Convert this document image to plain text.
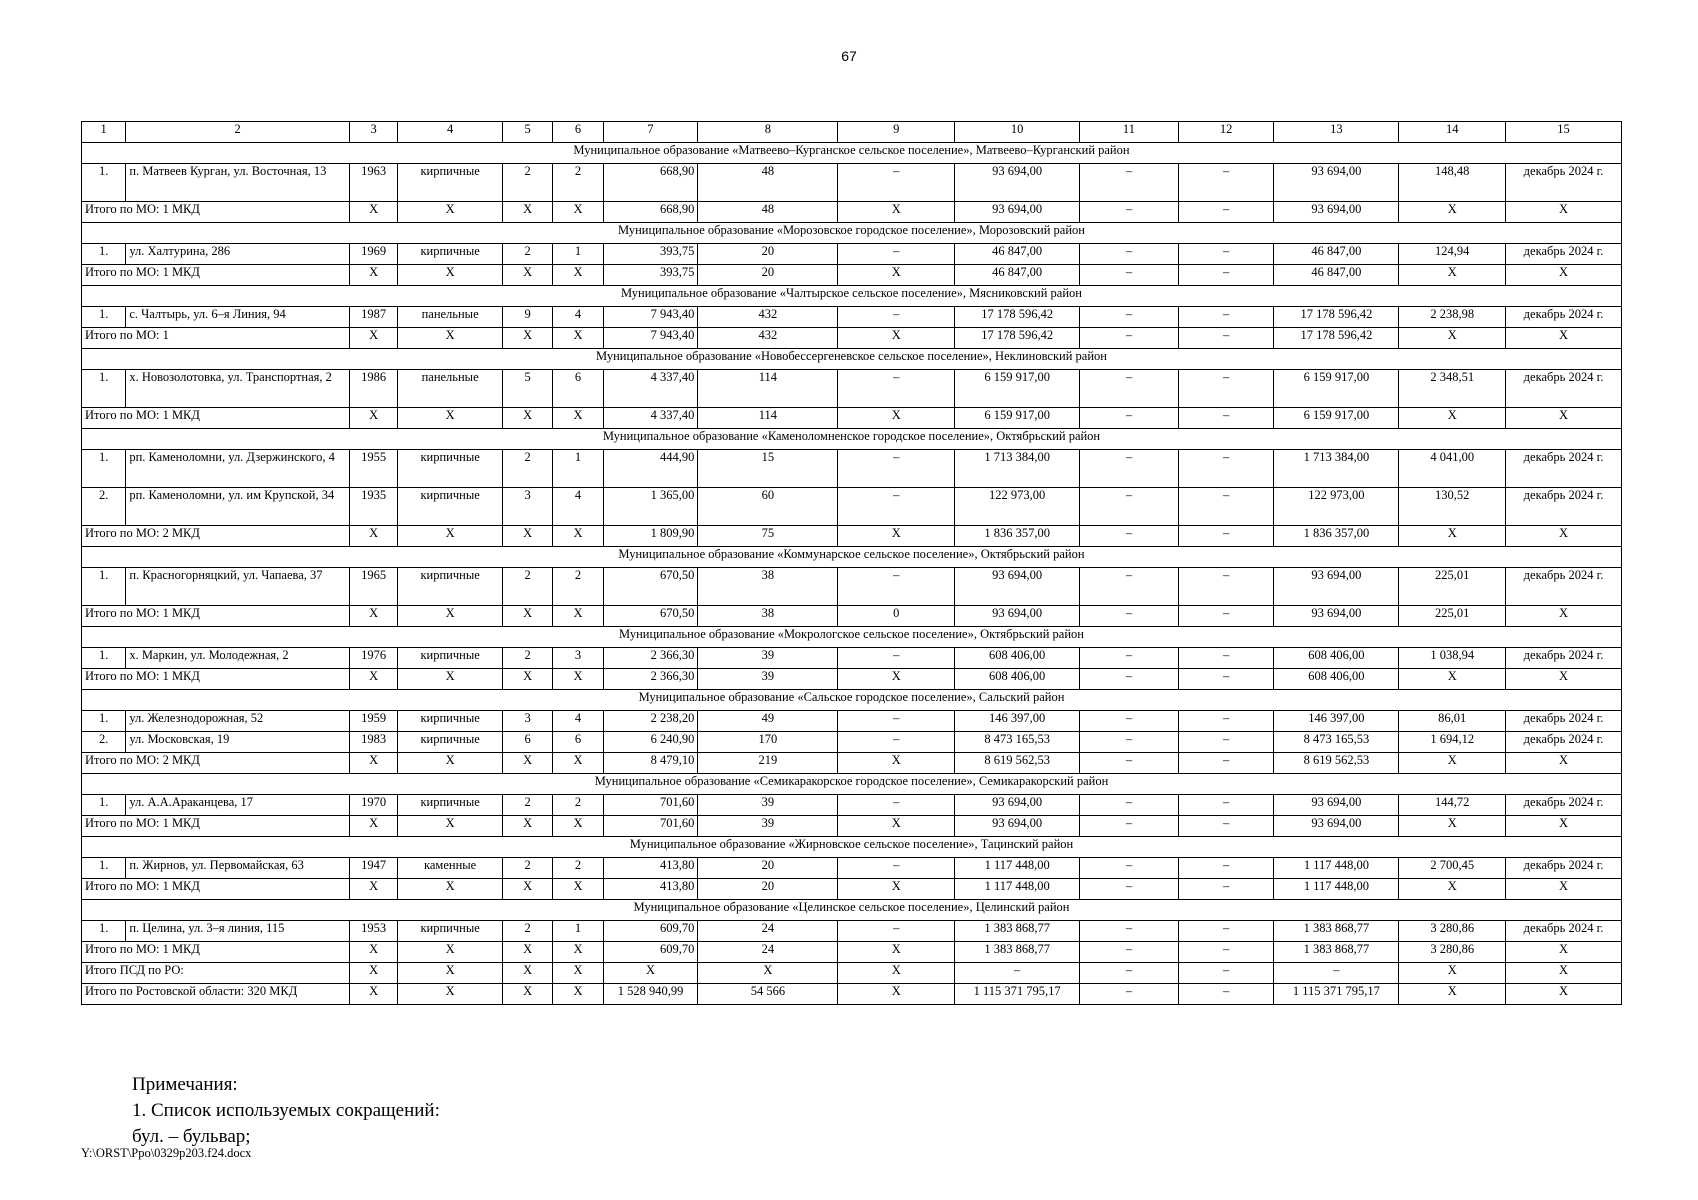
67
1	2	3	4	5	6	7	8	9	10	11	12	13	14	15
Муниципальное образование «Матвеево–Курганское сельское поселение», Матвеево–Курганский район														
1.	п. Матвеев Курган, ул. Восточная, 13	1963	кирпичные	2	2	668,90	48	–	93 694,00	–	–	93 694,00	148,48	декабрь 2024 г.
Итого по МО: 1 МКД		X	X	X	X	668,90	48	X	93 694,00	–	–	93 694,00	X	X
Муниципальное образование «Морозовское городское поселение», Морозовский район														
1.	ул. Халтурина, 286	1969	кирпичные	2	1	393,75	20	–	46 847,00	–	–	46 847,00	124,94	декабрь 2024 г.
Итого по МО: 1 МКД		X	X	X	X	393,75	20	X	46 847,00	–	–	46 847,00	X	X
Муниципальное образование «Чалтырское сельское поселение», Мясниковский район														
1.	с. Чалтырь, ул. 6–я Линия, 94	1987	панельные	9	4	7 943,40	432	–	17 178 596,42	–	–	17 178 596,42	2 238,98	декабрь 2024 г.
Итого по МО: 1		X	X	X	X	7 943,40	432	X	17 178 596,42	–	–	17 178 596,42	X	X
Муниципальное образование «Новобессергеневское сельское поселение», Неклиновский район														
1.	х. Новозолотовка, ул. Транспортная, 2	1986	панельные	5	6	4 337,40	114	–	6 159 917,00	–	–	6 159 917,00	2 348,51	декабрь 2024 г.
Итого по МО: 1 МКД		X	X	X	X	4 337,40	114	X	6 159 917,00	–	–	6 159 917,00	X	X
Муниципальное образование «Каменоломненское городское поселение», Октябрьский район														
1.	рп. Каменоломни, ул. Дзержинского, 4	1955	кирпичные	2	1	444,90	15	–	1 713 384,00	–	–	1 713 384,00	4 041,00	декабрь 2024 г.
2.	рп. Каменоломни, ул. им Крупской, 34	1935	кирпичные	3	4	1 365,00	60	–	122 973,00	–	–	122 973,00	130,52	декабрь 2024 г.
Итого по МО: 2 МКД		X	X	X	X	1 809,90	75	X	1 836 357,00	–	–	1 836 357,00	X	X
Муниципальное образование «Коммунарское сельское поселение», Октябрьский район														
1.	п. Красногорняцкий, ул. Чапаева, 37	1965	кирпичные	2	2	670,50	38	–	93 694,00	–	–	93 694,00	225,01	декабрь 2024 г.
Итого по МО: 1 МКД		X	X	X	X	670,50	38	0	93 694,00	–	–	93 694,00	225,01	X
Муниципальное образование «Мокрологское сельское поселение», Октябрьский район														
1.	х. Маркин, ул. Молодежная, 2	1976	кирпичные	2	3	2 366,30	39	–	608 406,00	–	–	608 406,00	1 038,94	декабрь 2024 г.
Итого по МО: 1 МКД		X	X	X	X	2 366,30	39	X	608 406,00	–	–	608 406,00	X	X
Муниципальное образование «Сальское городское поселение», Сальский район														
1.	ул. Железнодорожная, 52	1959	кирпичные	3	4	2 238,20	49	–	146 397,00	–	–	146 397,00	86,01	декабрь 2024 г.
2.	ул. Московская, 19	1983	кирпичные	6	6	6 240,90	170	–	8 473 165,53	–	–	8 473 165,53	1 694,12	декабрь 2024 г.
Итого по МО: 2 МКД		X	X	X	X	8 479,10	219	X	8 619 562,53	–	–	8 619 562,53	X	X
Муниципальное образование «Семикаракорское городское поселение», Семикаракорский район														
1.	ул. А.А.Араканцева, 17	1970	кирпичные	2	2	701,60	39	–	93 694,00	–	–	93 694,00	144,72	декабрь 2024 г.
Итого по МО: 1 МКД		X	X	X	X	701,60	39	X	93 694,00	–	–	93 694,00	X	X
Муниципальное образование «Жирновское сельское поселение», Тацинский район														
1.	п. Жирнов, ул. Первомайская, 63	1947	каменные	2	2	413,80	20	–	1 117 448,00	–	–	1 117 448,00	2 700,45	декабрь 2024 г.
Итого по МО: 1 МКД		X	X	X	X	413,80	20	X	1 117 448,00	–	–	1 117 448,00	X	X
Муниципальное образование «Целинское сельское поселение», Целинский район														
1.	п. Целина, ул. 3–я линия, 115	1953	кирпичные	2	1	609,70	24	–	1 383 868,77	–	–	1 383 868,77	3 280,86	декабрь 2024 г.
Итого по МО: 1 МКД		X	X	X	X	609,70	24	X	1 383 868,77	–	–	1 383 868,77	3 280,86	X
Итого ПСД по РО:		X	X	X	X	X	X	X	–	–	–	–	X	X
Итого по Ростовской области: 320 МКД		X	X	X	X	1 528 940,99	54 566	X	1 115 371 795,17	–	–	1 115 371 795,17	X	X
Примечания:
1. Список используемых сокращений:
бул. – бульвар;
Y:\ORST\Ppo\0329p203.f24.docx
